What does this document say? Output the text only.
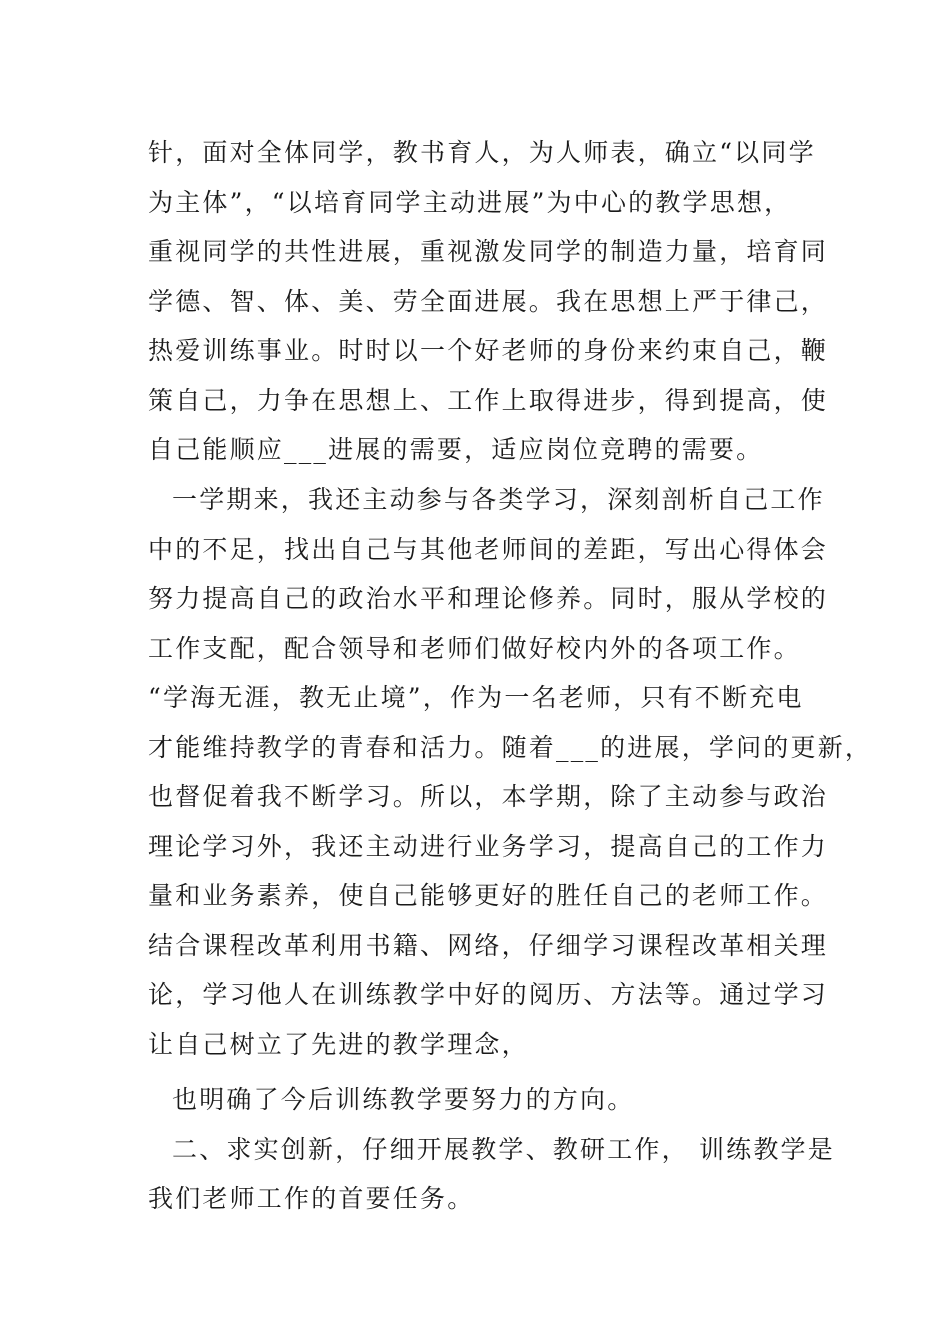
针，面对全体同学，教书育人，为人师表，确立“以同学
为主体”，“以培育同学主动进展”为中心的教学思想，
重视同学的共性进展，重视激发同学的制造力量，培育同
学德、智、体、美、劳全面进展。我在思想上严于律己，
热爱训练事业。时时以一个好老师的身份来约束自己，鞭
策自己，力争在思想上、工作上取得进步，得到提高，使
自己能顺应___进展的需要，适应岗位竞聘的需要。
一学期来，我还主动参与各类学习，深刻剖析自己工作
中的不足，找出自己与其他老师间的差距，写出心得体会
努力提高自己的政治水平和理论修养。同时，服从学校的
工作支配，配合领导和老师们做好校内外的各项工作。
“学海无涯，教无止境”，作为一名老师，只有不断充电
才能维持教学的青春和活力。随着___的进展，学问的更新，
也督促着我不断学习。所以，本学期，除了主动参与政治
理论学习外，我还主动进行业务学习，提高自己的工作力
量和业务素养，使自己能够更好的胜任自己的老师工作。
结合课程改革利用书籍、网络，仔细学习课程改革相关理
论，学习他人在训练教学中好的阅历、方法等。通过学习
让自己树立了先进的教学理念，
也明确了今后训练教学要努力的方向。
二、求实创新，仔细开展教学、教研工作， 训练教学是
我们老师工作的首要任务。
